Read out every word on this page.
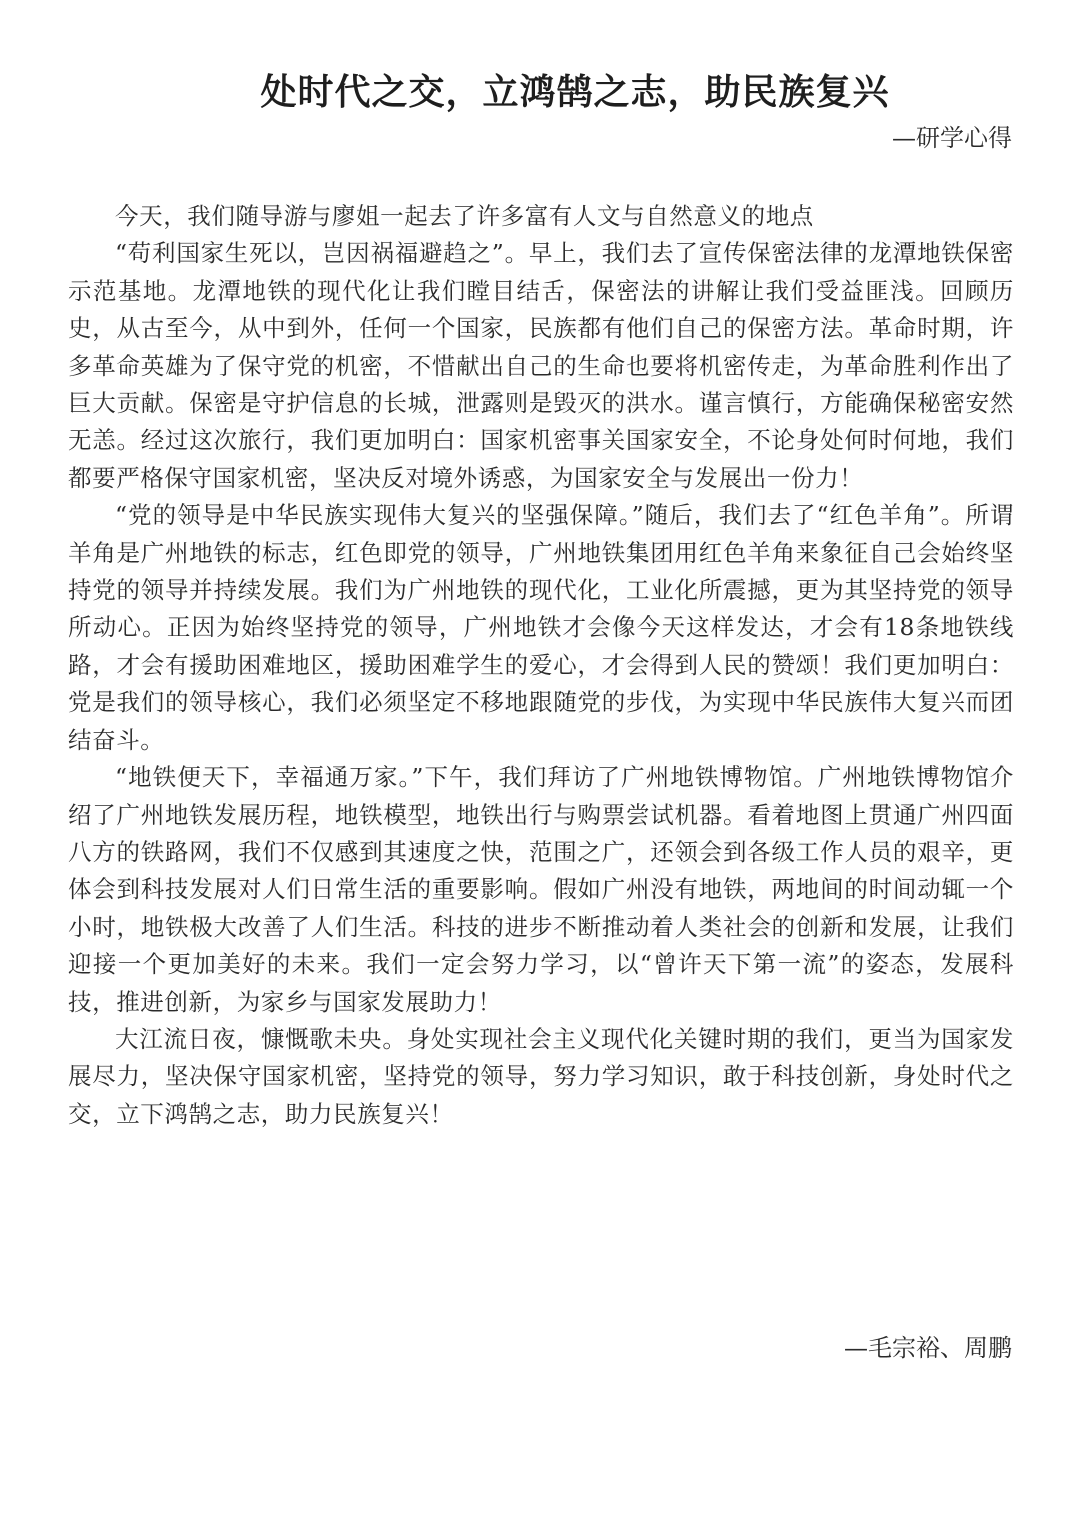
处时代之交，立鸿鹄之志，助民族复兴

—研学心得

今天，我们随导游与廖姐一起去了许多富有人文与自然意义的地点

“苟利国家生死以，岂因祸福避趋之”。早上，我们去了宣传保密法律的龙潭地铁保密示范基地。龙潭地铁的现代化让我们瞠目结舌，保密法的讲解让我们受益匪浅。回顾历史，从古至今，从中到外，任何一个国家，民族都有他们自己的保密方法。革命时期，许多革命英雄为了保守党的机密，不惜献出自己的生命也要将机密传走，为革命胜利作出了巨大贡献。保密是守护信息的长城，泄露则是毁灭的洪水。谨言慎行，方能确保秘密安然无恙。经过这次旅行，我们更加明白：国家机密事关国家安全，不论身处何时何地，我们都要严格保守国家机密，坚决反对境外诱惑，为国家安全与发展出一份力！

“党的领导是中华民族实现伟大复兴的坚强保障。”随后，我们去了“红色羊角”。所谓羊角是广州地铁的标志，红色即党的领导，广州地铁集团用红色羊角来象征自己会始终坚持党的领导并持续发展。我们为广州地铁的现代化，工业化所震撼，更为其坚持党的领导所动心。正因为始终坚持党的领导，广州地铁才会像今天这样发达，才会有18条地铁线路，才会有援助困难地区，援助困难学生的爱心，才会得到人民的赞颂！我们更加明白：党是我们的领导核心，我们必须坚定不移地跟随党的步伐，为实现中华民族伟大复兴而团结奋斗。

“地铁便天下，幸福通万家。”下午，我们拜访了广州地铁博物馆。广州地铁博物馆介绍了广州地铁发展历程，地铁模型，地铁出行与购票尝试机器。看着地图上贯通广州四面八方的铁路网，我们不仅感到其速度之快，范围之广，还领会到各级工作人员的艰辛，更体会到科技发展对人们日常生活的重要影响。假如广州没有地铁，两地间的时间动辄一个小时，地铁极大改善了人们生活。科技的进步不断推动着人类社会的创新和发展，让我们迎接一个更加美好的未来。我们一定会努力学习，以“曾许天下第一流”的姿态，发展科技，推进创新，为家乡与国家发展助力！

大江流日夜，慷慨歌未央。身处实现社会主义现代化关键时期的我们，更当为国家发展尽力，坚决保守国家机密，坚持党的领导，努力学习知识，敢于科技创新，身处时代之交，立下鸿鹄之志，助力民族复兴！

—毛宗裕、周鹏
